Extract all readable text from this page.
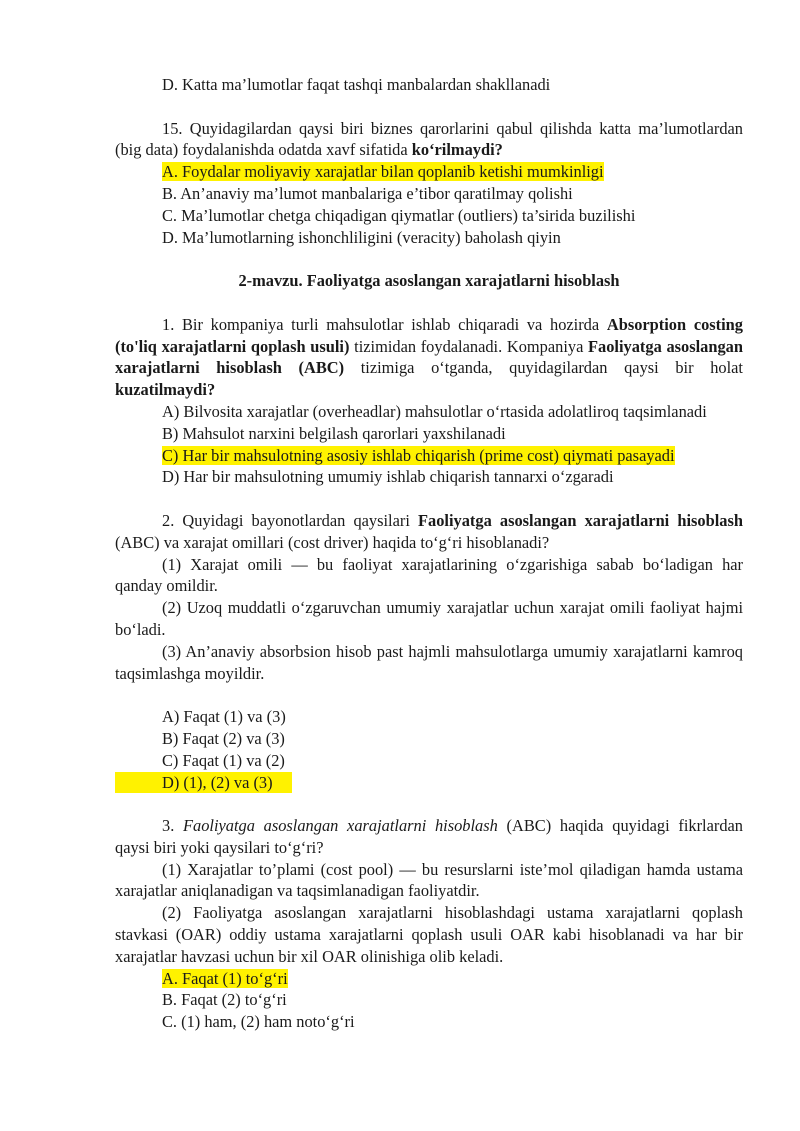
D. Katta ma’lumotlar faqat tashqi manbalardan shakllanadi

15. Quyidagilardan qaysi biri biznes qarorlarini qabul qilishda katta ma’lumotlardan (big data) foydalanishda odatda xavf sifatida ko‘rilmaydi?

A. Foydalar moliyaviy xarajatlar bilan qoplanib ketishi mumkinligi

B. An’anaviy ma’lumot manbalariga e’tibor qaratilmay qolishi

C. Ma’lumotlar chetga chiqadigan qiymatlar (outliers) ta’sirida buzilishi

D. Ma’lumotlarning ishonchliligini (veracity) baholash qiyin

2-mavzu. Faoliyatga asoslangan xarajatlarni hisoblash

1. Bir kompaniya turli mahsulotlar ishlab chiqaradi va hozirda Absorption costing (to'liq xarajatlarni qoplash usuli) tizimidan foydalanadi. Kompaniya Faoliyatga asoslangan xarajatlarni hisoblash (ABC) tizimiga o‘tganda, quyidagilardan qaysi bir holat kuzatilmaydi?

A) Bilvosita xarajatlar (overheadlar) mahsulotlar o‘rtasida adolatliroq taqsimlanadi

B) Mahsulot narxini belgilash qarorlari yaxshilanadi

C) Har bir mahsulotning asosiy ishlab chiqarish (prime cost) qiymati pasayadi

D) Har bir mahsulotning umumiy ishlab chiqarish tannarxi o‘zgaradi

2. Quyidagi bayonotlardan qaysilari Faoliyatga asoslangan xarajatlarni hisoblash (ABC) va xarajat omillari (cost driver) haqida to‘g‘ri hisoblanadi?

(1) Xarajat omili — bu faoliyat xarajatlarining o‘zgarishiga sabab bo‘ladigan har qanday omildir.

(2) Uzoq muddatli o‘zgaruvchan umumiy xarajatlar uchun xarajat omili faoliyat hajmi bo‘ladi.

(3) An’anaviy absorbsion hisob past hajmli mahsulotlarga umumiy xarajatlarni kamroq taqsimlashga moyildir.

A) Faqat (1) va (3)

B) Faqat (2) va (3)

C) Faqat (1) va (2)

D) (1), (2) va (3)

3. Faoliyatga asoslangan xarajatlarni hisoblash (ABC) haqida quyidagi fikrlardan qaysi biri yoki qaysilari to‘g‘ri?

(1) Xarajatlar to’plami (cost pool) — bu resurslarni iste’mol qiladigan hamda ustama xarajatlar aniqlanadigan va taqsimlanadigan faoliyatdir.

(2) Faoliyatga asoslangan xarajatlarni hisoblashdagi ustama xarajatlarni qoplash stavkasi (OAR) oddiy ustama xarajatlarni qoplash usuli OAR kabi hisoblanadi va har bir xarajatlar havzasi uchun bir xil OAR olinishiga olib keladi.

A. Faqat (1) to‘g‘ri

B. Faqat (2) to‘g‘ri

C. (1) ham, (2) ham noto‘g‘ri
